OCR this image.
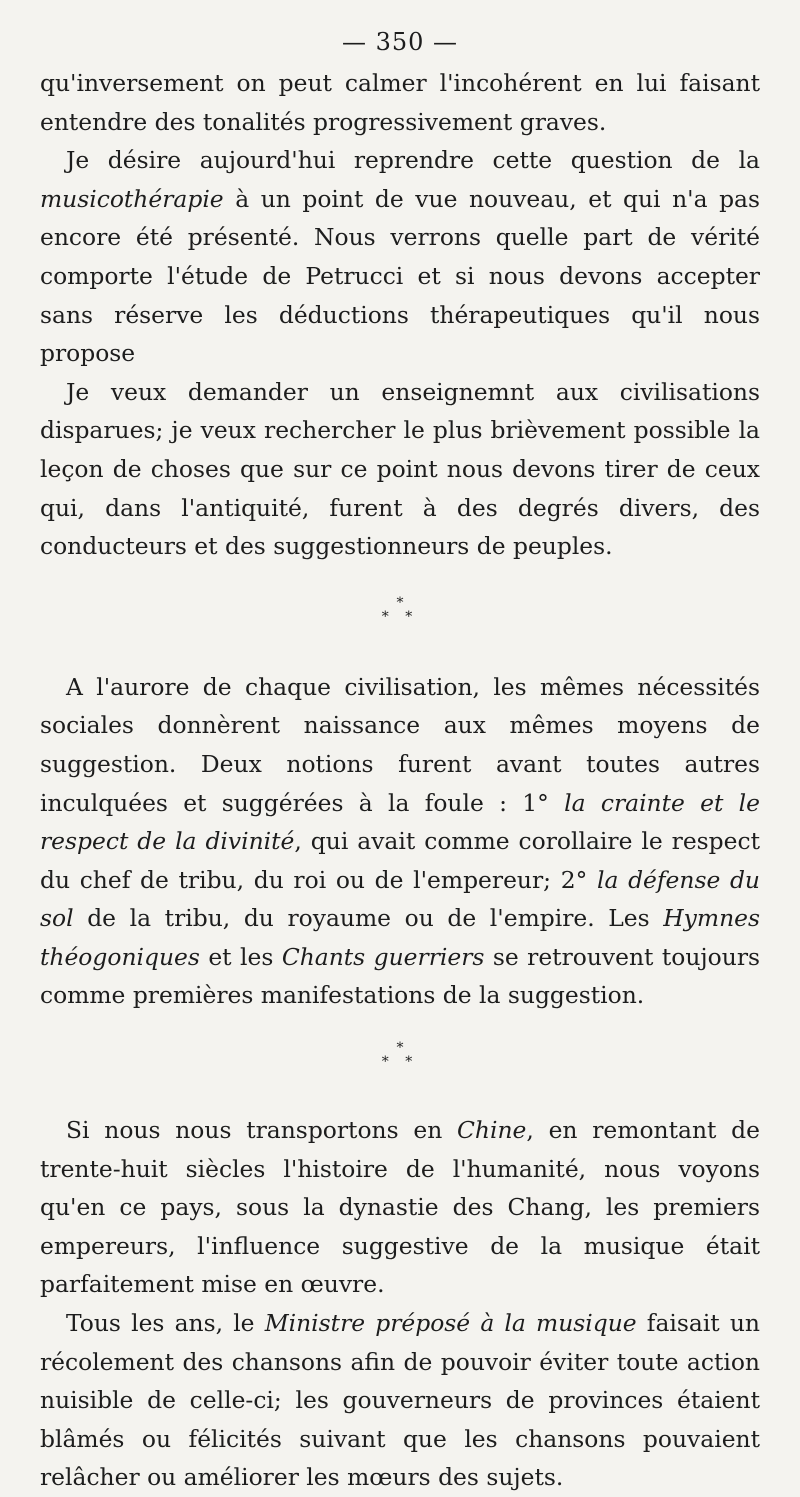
— 350 —

qu'inversement on peut calmer l'incohérent en lui faisant entendre des tonalités progressivement graves.

Je désire aujourd'hui reprendre cette question de la musicothérapie à un point de vue nouveau, et qui n'a pas encore été présenté. Nous verrons quelle part de vérité comporte l'étude de Petrucci et si nous devons accepter sans réserve les déductions thérapeutiques qu'il nous propose

Je veux demander un enseignemnt aux civilisations disparues; je veux rechercher le plus brièvement possible la leçon de choses que sur ce point nous devons tirer de ceux qui, dans l'antiquité, furent à des degrés divers, des conducteurs et des suggestionneurs de peuples.

*
* *

A l'aurore de chaque civilisation, les mêmes nécessités sociales donnèrent naissance aux mêmes moyens de suggestion. Deux notions furent avant toutes autres inculquées et suggérées à la foule : 1° la crainte et le respect de la divinité, qui avait comme corollaire le respect du chef de tribu, du roi ou de l'empereur; 2° la défense du sol de la tribu, du royaume ou de l'empire. Les Hymnes théogoniques et les Chants guerriers se retrouvent toujours comme premières manifestations de la suggestion.

*
* *

Si nous nous transportons en Chine, en remontant de trente-huit siècles l'histoire de l'humanité, nous voyons qu'en ce pays, sous la dynastie des Chang, les premiers empereurs, l'influence suggestive de la musique était parfaitement mise en œuvre.

Tous les ans, le Ministre préposé à la musique faisait un récolement des chansons afin de pouvoir éviter toute action nuisible de celle-ci; les gouverneurs de provinces étaient blâmés ou félicités suivant que les chansons pouvaient relâcher ou améliorer les mœurs des sujets.
